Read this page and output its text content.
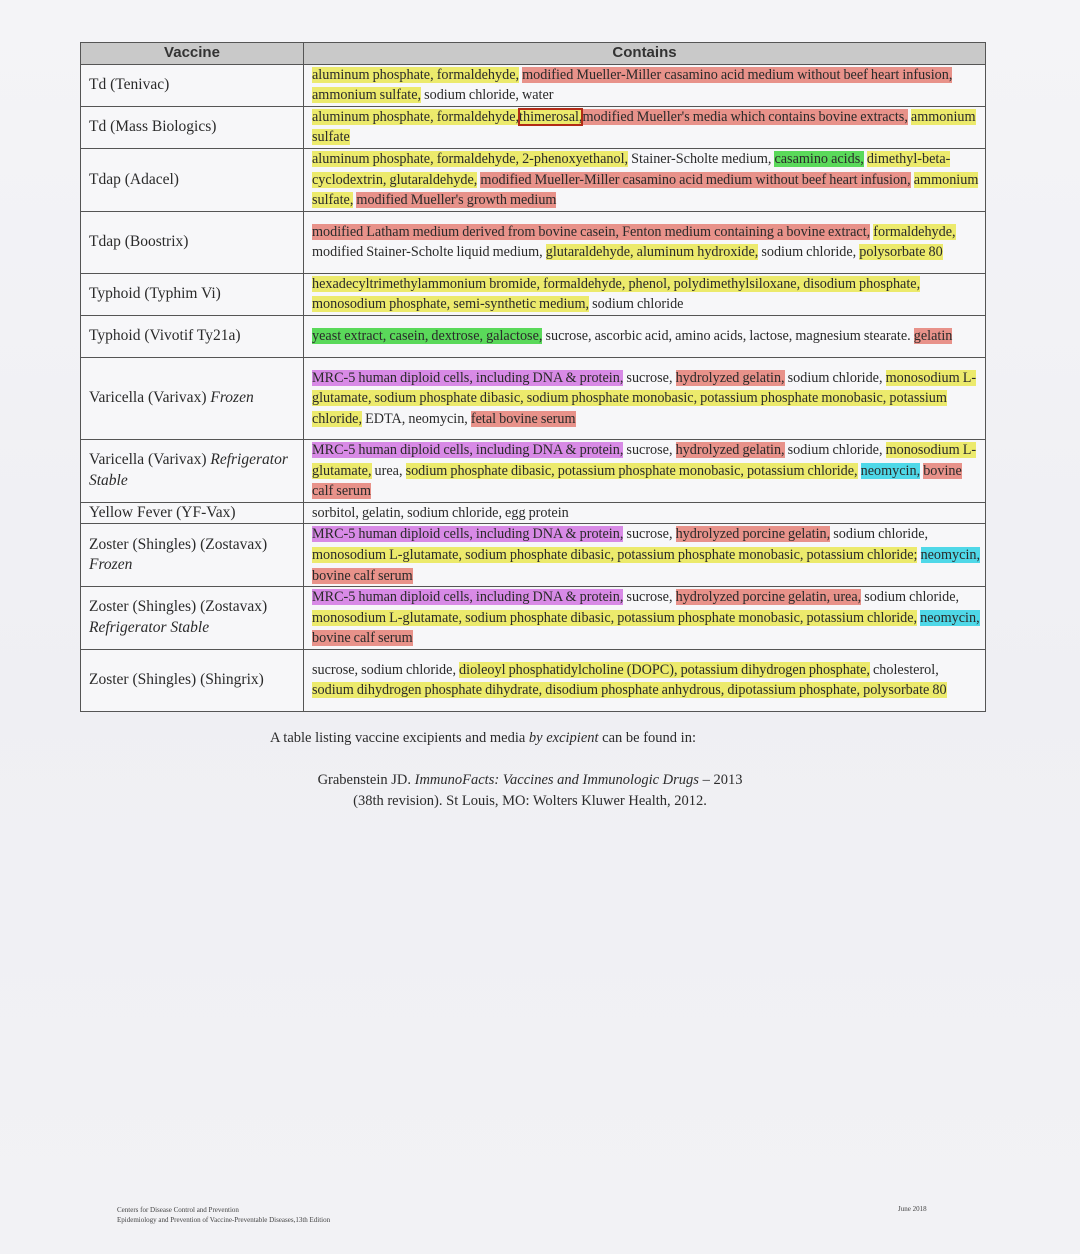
Vaccine	Contains
Td (Tenivac)	aluminum phosphate, formaldehyde, modified Mueller-Miller casamino acid medium without beef heart infusion, ammonium sulfate, sodium chloride, water
Td (Mass Biologics)	aluminum phosphate, formaldehyde,thimerosal,modified Mueller's media which contains bovine extracts, ammonium sulfate
Tdap (Adacel)	aluminum phosphate, formaldehyde, 2-phenoxyethanol, Stainer-Scholte medium, casamino acids, dimethyl-beta-cyclodextrin, glutaraldehyde, modified Mueller-Miller casamino acid medium without beef heart infusion, ammonium sulfate, modified Mueller's growth medium
Tdap (Boostrix)	modified Latham medium derived from bovine casein, Fenton medium containing a bovine extract, formaldehyde, modified Stainer-Scholte liquid medium, glutaraldehyde, aluminum hydroxide, sodium chloride, polysorbate 80
Typhoid (Typhim Vi)	hexadecyltrimethylammonium bromide, formaldehyde, phenol, polydimethylsiloxane, disodium phosphate, monosodium phosphate, semi-synthetic medium, sodium chloride
Typhoid (Vivotif Ty21a)	yeast extract, casein, dextrose, galactose, sucrose, ascorbic acid, amino acids, lactose, magnesium stearate. gelatin
Varicella (Varivax) Frozen	MRC-5 human diploid cells, including DNA & protein, sucrose, hydrolyzed gelatin, sodium chloride, monosodium L-glutamate, sodium phosphate dibasic, sodium phosphate monobasic, potassium phosphate monobasic, potassium chloride, EDTA, neomycin, fetal bovine serum
Varicella (Varivax) Refrigerator Stable	MRC-5 human diploid cells, including DNA & protein, sucrose, hydrolyzed gelatin, sodium chloride, monosodium L-glutamate, urea, sodium phosphate dibasic, potassium phosphate monobasic, potassium chloride, neomycin, bovine calf serum
Yellow Fever (YF-Vax)	sorbitol, gelatin, sodium chloride, egg protein
Zoster (Shingles) (Zostavax) Frozen	MRC-5 human diploid cells, including DNA & protein, sucrose, hydrolyzed porcine gelatin, sodium chloride, monosodium L-glutamate, sodium phosphate dibasic, potassium phosphate monobasic, potassium chloride; neomycin, bovine calf serum
Zoster (Shingles) (Zostavax) Refrigerator Stable	MRC-5 human diploid cells, including DNA & protein, sucrose, hydrolyzed porcine gelatin, urea, sodium chloride, monosodium L-glutamate, sodium phosphate dibasic, potassium phosphate monobasic, potassium chloride, neomycin, bovine calf serum
Zoster (Shingles) (Shingrix)	sucrose, sodium chloride, dioleoyl phosphatidylcholine (DOPC), potassium dihydrogen phosphate, cholesterol, sodium dihydrogen phosphate dihydrate, disodium phosphate anhydrous, dipotassium phosphate, polysorbate 80
A table listing vaccine excipients and media by excipient can be found in:
Grabenstein JD. ImmunoFacts: Vaccines and Immunologic Drugs – 2013
(38th revision). St Louis, MO: Wolters Kluwer Health, 2012.
Centers for Disease Control and Prevention
Epidemiology and Prevention of Vaccine-Preventable Diseases,13th Edition
June 2018
